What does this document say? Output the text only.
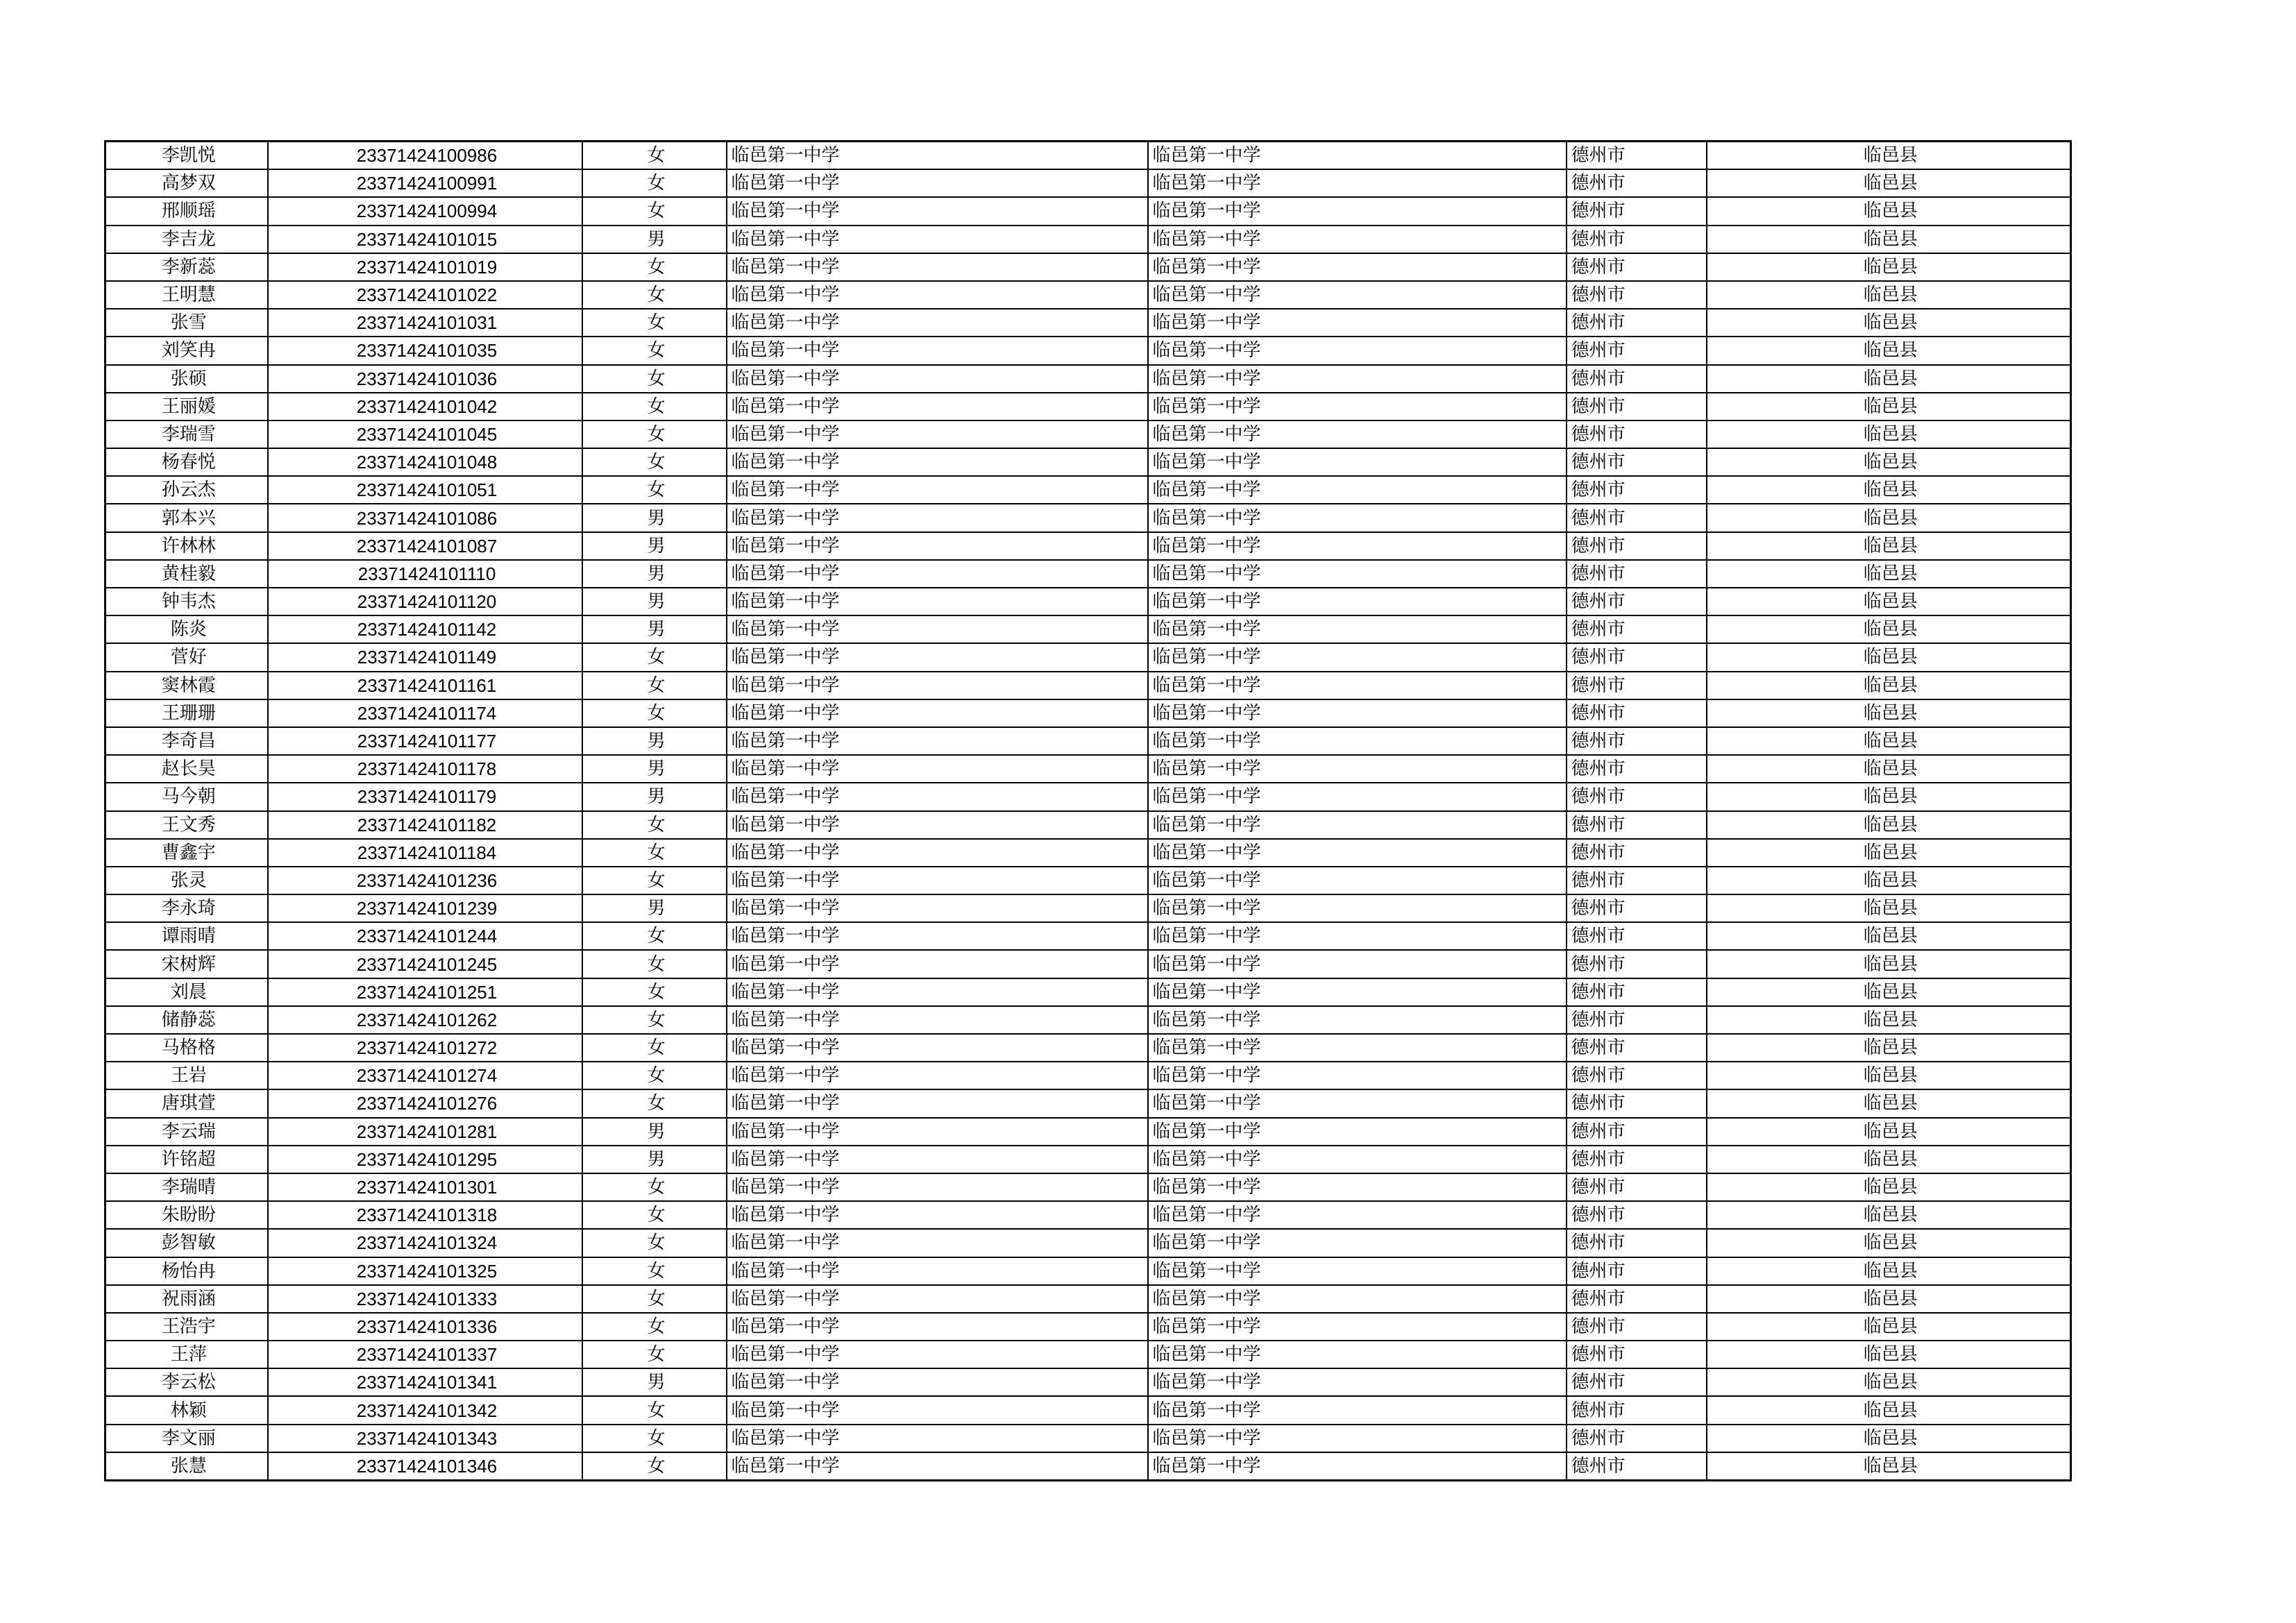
李凯悦	23371424100986	女	临邑第一中学	临邑第一中学	德州市	临邑县
高梦双	23371424100991	女	临邑第一中学	临邑第一中学	德州市	临邑县
邢顺瑶	23371424100994	女	临邑第一中学	临邑第一中学	德州市	临邑县
李吉龙	23371424101015	男	临邑第一中学	临邑第一中学	德州市	临邑县
李新蕊	23371424101019	女	临邑第一中学	临邑第一中学	德州市	临邑县
王明慧	23371424101022	女	临邑第一中学	临邑第一中学	德州市	临邑县
张雪	23371424101031	女	临邑第一中学	临邑第一中学	德州市	临邑县
刘笑冉	23371424101035	女	临邑第一中学	临邑第一中学	德州市	临邑县
张硕	23371424101036	女	临邑第一中学	临邑第一中学	德州市	临邑县
王丽媛	23371424101042	女	临邑第一中学	临邑第一中学	德州市	临邑县
李瑞雪	23371424101045	女	临邑第一中学	临邑第一中学	德州市	临邑县
杨春悦	23371424101048	女	临邑第一中学	临邑第一中学	德州市	临邑县
孙云杰	23371424101051	女	临邑第一中学	临邑第一中学	德州市	临邑县
郭本兴	23371424101086	男	临邑第一中学	临邑第一中学	德州市	临邑县
许林林	23371424101087	男	临邑第一中学	临邑第一中学	德州市	临邑县
黄桂毅	23371424101110	男	临邑第一中学	临邑第一中学	德州市	临邑县
钟韦杰	23371424101120	男	临邑第一中学	临邑第一中学	德州市	临邑县
陈炎	23371424101142	男	临邑第一中学	临邑第一中学	德州市	临邑县
菅好	23371424101149	女	临邑第一中学	临邑第一中学	德州市	临邑县
窦林霞	23371424101161	女	临邑第一中学	临邑第一中学	德州市	临邑县
王珊珊	23371424101174	女	临邑第一中学	临邑第一中学	德州市	临邑县
李奇昌	23371424101177	男	临邑第一中学	临邑第一中学	德州市	临邑县
赵长昊	23371424101178	男	临邑第一中学	临邑第一中学	德州市	临邑县
马今朝	23371424101179	男	临邑第一中学	临邑第一中学	德州市	临邑县
王文秀	23371424101182	女	临邑第一中学	临邑第一中学	德州市	临邑县
曹鑫宇	23371424101184	女	临邑第一中学	临邑第一中学	德州市	临邑县
张灵	23371424101236	女	临邑第一中学	临邑第一中学	德州市	临邑县
李永琦	23371424101239	男	临邑第一中学	临邑第一中学	德州市	临邑县
谭雨晴	23371424101244	女	临邑第一中学	临邑第一中学	德州市	临邑县
宋树辉	23371424101245	女	临邑第一中学	临邑第一中学	德州市	临邑县
刘晨	23371424101251	女	临邑第一中学	临邑第一中学	德州市	临邑县
储静蕊	23371424101262	女	临邑第一中学	临邑第一中学	德州市	临邑县
马格格	23371424101272	女	临邑第一中学	临邑第一中学	德州市	临邑县
王岩	23371424101274	女	临邑第一中学	临邑第一中学	德州市	临邑县
唐琪萱	23371424101276	女	临邑第一中学	临邑第一中学	德州市	临邑县
李云瑞	23371424101281	男	临邑第一中学	临邑第一中学	德州市	临邑县
许铭超	23371424101295	男	临邑第一中学	临邑第一中学	德州市	临邑县
李瑞晴	23371424101301	女	临邑第一中学	临邑第一中学	德州市	临邑县
朱盼盼	23371424101318	女	临邑第一中学	临邑第一中学	德州市	临邑县
彭智敏	23371424101324	女	临邑第一中学	临邑第一中学	德州市	临邑县
杨怡冉	23371424101325	女	临邑第一中学	临邑第一中学	德州市	临邑县
祝雨涵	23371424101333	女	临邑第一中学	临邑第一中学	德州市	临邑县
王浩宇	23371424101336	女	临邑第一中学	临邑第一中学	德州市	临邑县
王萍	23371424101337	女	临邑第一中学	临邑第一中学	德州市	临邑县
李云松	23371424101341	男	临邑第一中学	临邑第一中学	德州市	临邑县
林颖	23371424101342	女	临邑第一中学	临邑第一中学	德州市	临邑县
李文丽	23371424101343	女	临邑第一中学	临邑第一中学	德州市	临邑县
张慧	23371424101346	女	临邑第一中学	临邑第一中学	德州市	临邑县
